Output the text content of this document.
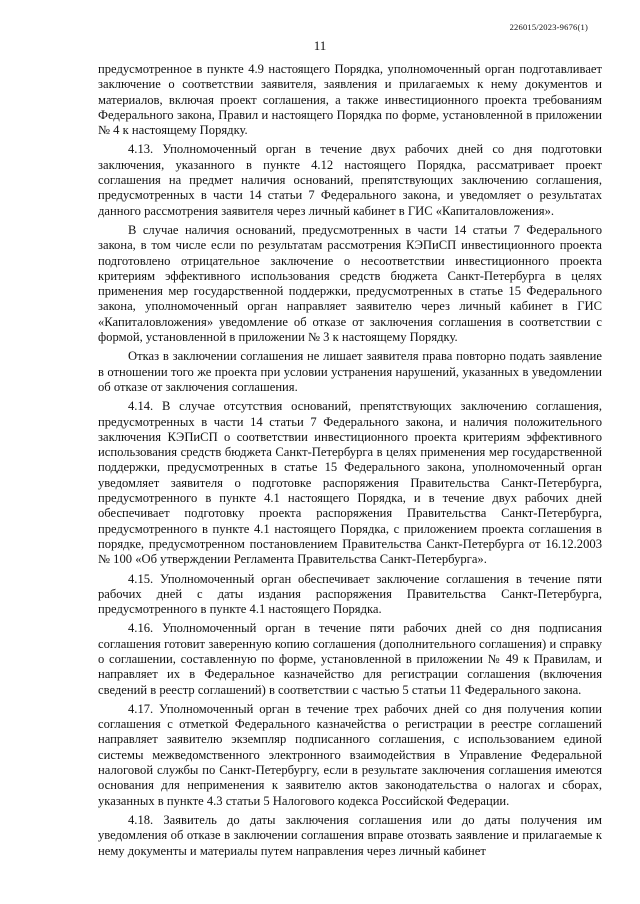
226015/2023-9676(1)
11

предусмотренное в пункте 4.9 настоящего Порядка, уполномоченный орган подготавливает заключение о соответствии заявителя, заявления и прилагаемых к нему документов и материалов, включая проект соглашения, а также инвестиционного проекта требованиям Федерального закона, Правил и настоящего Порядка по форме, установленной в приложении № 4 к настоящему Порядку.

4.13. Уполномоченный орган в течение двух рабочих дней со дня подготовки заключения, указанного в пункте 4.12 настоящего Порядка, рассматривает проект соглашения на предмет наличия оснований, препятствующих заключению соглашения, предусмотренных в части 14 статьи 7 Федерального закона, и уведомляет о результатах данного рассмотрения заявителя через личный кабинет в ГИС «Капиталовложения».

В случае наличия оснований, предусмотренных в части 14 статьи 7 Федерального закона, в том числе если по результатам рассмотрения КЭПиСП инвестиционного проекта подготовлено отрицательное заключение о несоответствии инвестиционного проекта критериям эффективного использования средств бюджета Санкт-Петербурга в целях применения мер государственной поддержки, предусмотренных в статье 15 Федерального закона, уполномоченный орган направляет заявителю через личный кабинет в ГИС «Капиталовложения» уведомление об отказе от заключения соглашения в соответствии с формой, установленной в приложении № 3 к настоящему Порядку.

Отказ в заключении соглашения не лишает заявителя права повторно подать заявление в отношении того же проекта при условии устранения нарушений, указанных в уведомлении об отказе от заключения соглашения.

4.14. В случае отсутствия оснований, препятствующих заключению соглашения, предусмотренных в части 14 статьи 7 Федерального закона, и наличия положительного заключения КЭПиСП о соответствии инвестиционного проекта критериям эффективного использования средств бюджета Санкт-Петербурга в целях применения мер государственной поддержки, предусмотренных в статье 15 Федерального закона, уполномоченный орган уведомляет заявителя о подготовке распоряжения Правительства Санкт-Петербурга, предусмотренного в пункте 4.1 настоящего Порядка, и в течение двух рабочих дней обеспечивает подготовку проекта распоряжения Правительства Санкт-Петербурга, предусмотренного в пункте 4.1 настоящего Порядка, с приложением проекта соглашения в порядке, предусмотренном постановлением Правительства Санкт-Петербурга от 16.12.2003 № 100 «Об утверждении Регламента Правительства Санкт-Петербурга».

4.15. Уполномоченный орган обеспечивает заключение соглашения в течение пяти рабочих дней с даты издания распоряжения Правительства Санкт-Петербурга, предусмотренного в пункте 4.1 настоящего Порядка.

4.16. Уполномоченный орган в течение пяти рабочих дней со дня подписания соглашения готовит заверенную копию соглашения (дополнительного соглашения) и справку о соглашении, составленную по форме, установленной в приложении № 49 к Правилам, и направляет их в Федеральное казначейство для регистрации соглашения (включения сведений в реестр соглашений) в соответствии с частью 5 статьи 11 Федерального закона.

4.17. Уполномоченный орган в течение трех рабочих дней со дня получения копии соглашения с отметкой Федерального казначейства о регистрации в реестре соглашений направляет заявителю экземпляр подписанного соглашения, с использованием единой системы межведомственного электронного взаимодействия в Управление Федеральной налоговой службы по Санкт-Петербургу, если в результате заключения соглашения имеются основания для неприменения к заявителю актов законодательства о налогах и сборах, указанных в пункте 4.3 статьи 5 Налогового кодекса Российской Федерации.

4.18. Заявитель до даты заключения соглашения или до даты получения им уведомления об отказе в заключении соглашения вправе отозвать заявление и прилагаемые к нему документы и материалы путем направления через личный кабинет
